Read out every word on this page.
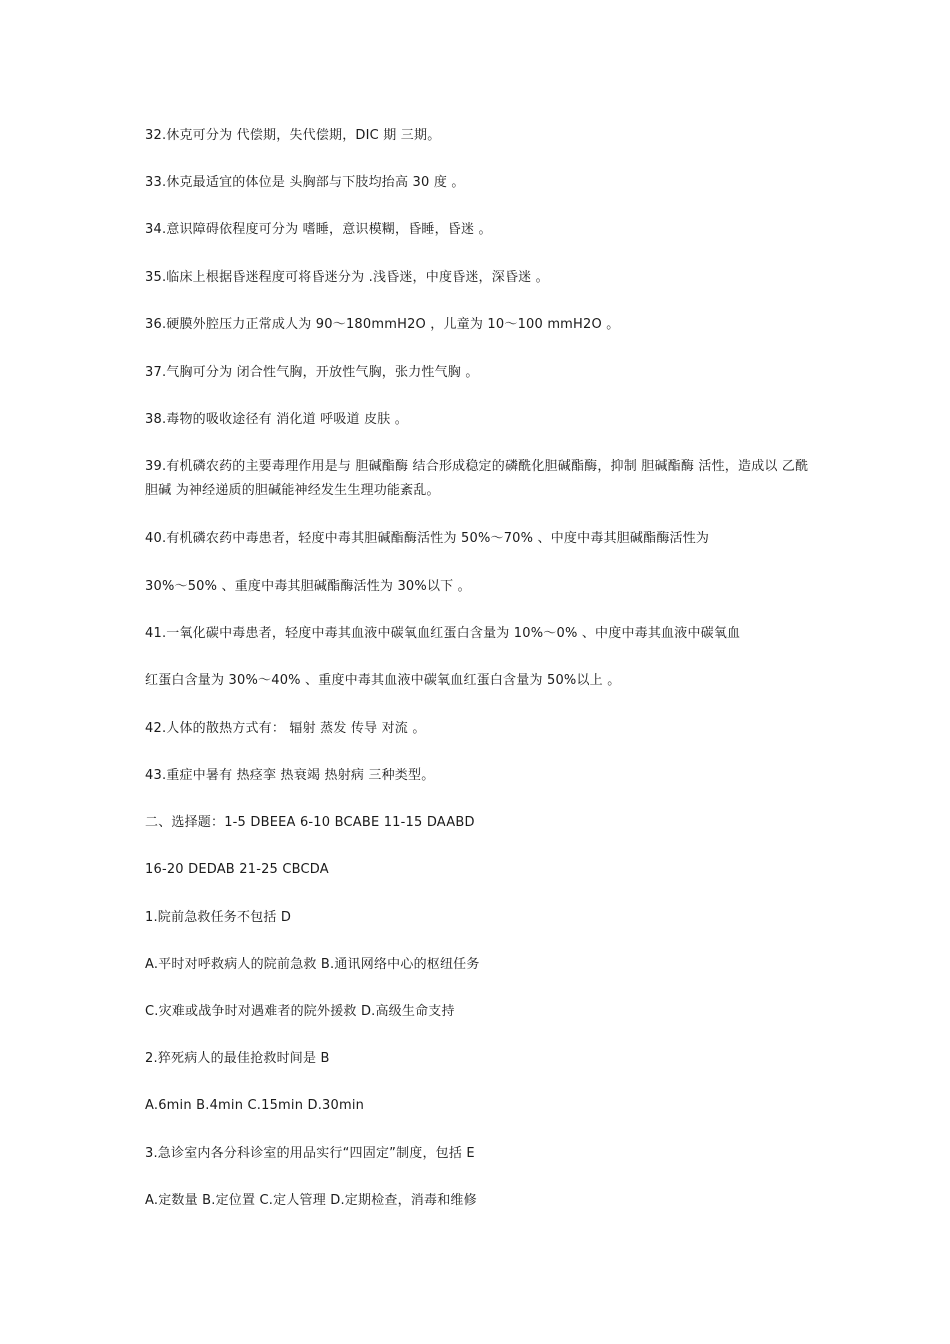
32.休克可分为 代偿期，失代偿期，DIC 期 三期。
33.休克最适宜的体位是 头胸部与下肢均抬高 30 度 。
34.意识障碍依程度可分为 嗜睡，意识模糊，昏睡，昏迷 。
35.临床上根据昏迷程度可将昏迷分为 .浅昏迷，中度昏迷，深昏迷 。
36.硬膜外腔压力正常成人为 90～180mmH2O ，儿童为 10～100 mmH2O 。
37.气胸可分为 闭合性气胸，开放性气胸，张力性气胸 。
38.毒物的吸收途径有 消化道 呼吸道 皮肤 。
39.有机磷农药的主要毒理作用是与 胆碱酯酶 结合形成稳定的磷酰化胆碱酯酶，抑制 胆碱酯酶 活性，造成以 乙酰胆碱 为神经递质的胆碱能神经发生生理功能紊乱。
40.有机磷农药中毒患者，轻度中毒其胆碱酯酶活性为 50%～70% 、中度中毒其胆碱酯酶活性为
30%～50% 、重度中毒其胆碱酯酶活性为 30%以下 。
41.一氧化碳中毒患者，轻度中毒其血液中碳氧血红蛋白含量为 10%～0% 、中度中毒其血液中碳氧血
红蛋白含量为 30%～40% 、重度中毒其血液中碳氧血红蛋白含量为 50%以上 。
42.人体的散热方式有： 辐射 蒸发 传导 对流 。
43.重症中暑有 热痉挛 热衰竭 热射病 三种类型。
二、选择题：1-5 DBEEA 6-10 BCABE 11-15 DAABD
16-20 DEDAB 21-25 CBCDA
1.院前急救任务不包括 D
A.平时对呼救病人的院前急救 B.通讯网络中心的枢纽任务
C.灾难或战争时对遇难者的院外援救 D.高级生命支持
2.猝死病人的最佳抢救时间是 B
A.6min B.4min C.15min D.30min
3.急诊室内各分科诊室的用品实行“四固定”制度，包括 E
A.定数量 B.定位置 C.定人管理 D.定期检查，消毒和维修
